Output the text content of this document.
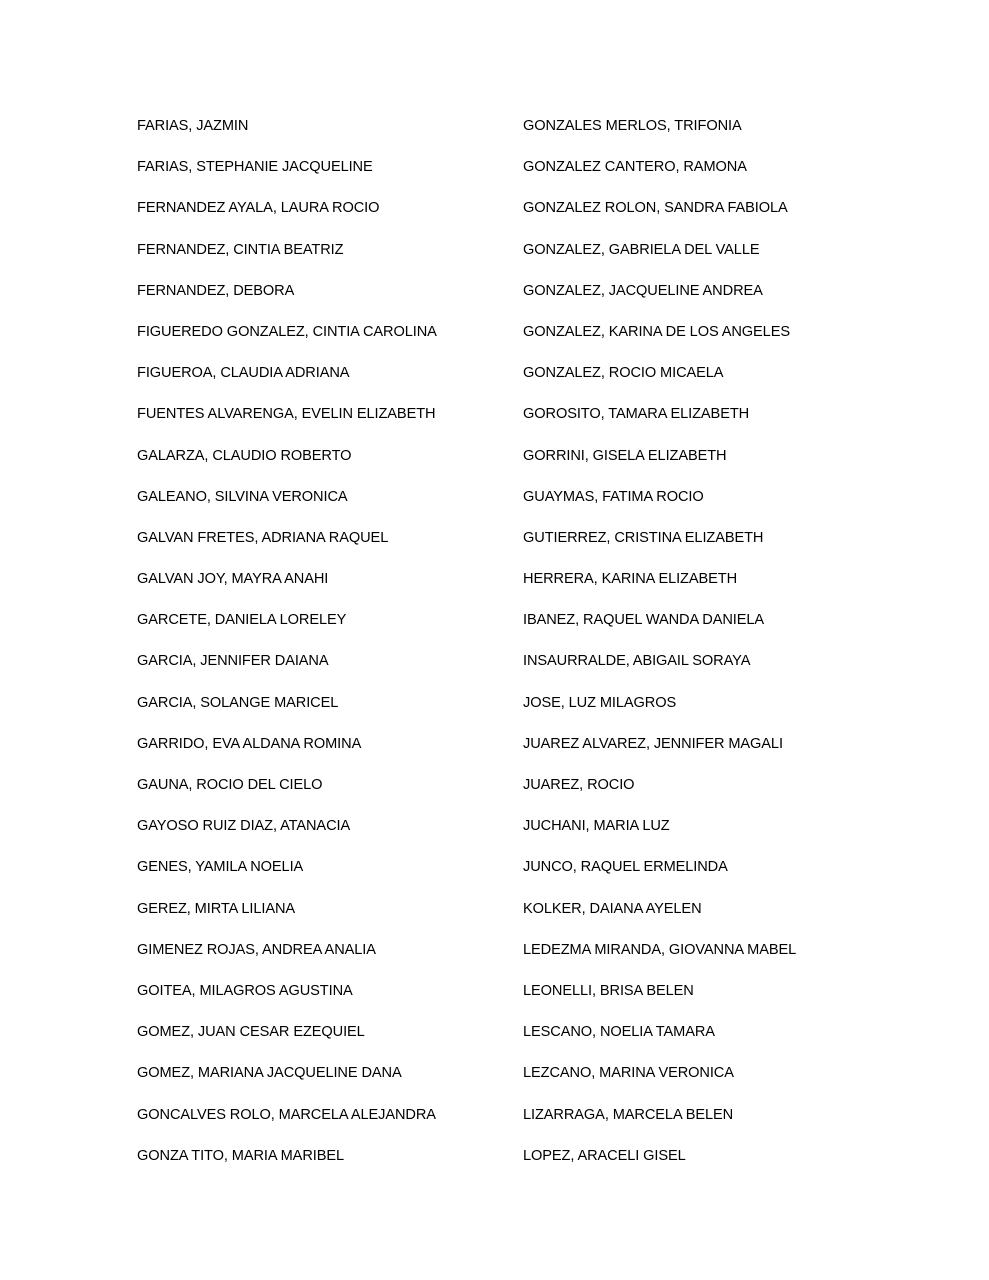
FARIAS, JAZMIN
FARIAS, STEPHANIE JACQUELINE
FERNANDEZ AYALA, LAURA ROCIO
FERNANDEZ, CINTIA BEATRIZ
FERNANDEZ, DEBORA
FIGUEREDO GONZALEZ, CINTIA CAROLINA
FIGUEROA, CLAUDIA ADRIANA
FUENTES ALVARENGA, EVELIN ELIZABETH
GALARZA, CLAUDIO ROBERTO
GALEANO, SILVINA VERONICA
GALVAN FRETES, ADRIANA RAQUEL
GALVAN JOY, MAYRA ANAHI
GARCETE, DANIELA LORELEY
GARCIA, JENNIFER DAIANA
GARCIA, SOLANGE MARICEL
GARRIDO, EVA ALDANA ROMINA
GAUNA, ROCIO DEL CIELO
GAYOSO RUIZ DIAZ, ATANACIA
GENES, YAMILA NOELIA
GEREZ, MIRTA LILIANA
GIMENEZ ROJAS, ANDREA ANALIA
GOITEA, MILAGROS AGUSTINA
GOMEZ, JUAN CESAR EZEQUIEL
GOMEZ, MARIANA JACQUELINE DANA
GONCALVES ROLO, MARCELA ALEJANDRA
GONZA TITO, MARIA MARIBEL
GONZALES MERLOS, TRIFONIA
GONZALEZ CANTERO, RAMONA
GONZALEZ ROLON, SANDRA FABIOLA
GONZALEZ, GABRIELA DEL VALLE
GONZALEZ, JACQUELINE ANDREA
GONZALEZ, KARINA DE LOS ANGELES
GONZALEZ, ROCIO MICAELA
GOROSITO, TAMARA ELIZABETH
GORRINI, GISELA ELIZABETH
GUAYMAS, FATIMA ROCIO
GUTIERREZ, CRISTINA ELIZABETH
HERRERA, KARINA ELIZABETH
IBANEZ, RAQUEL WANDA DANIELA
INSAURRALDE, ABIGAIL SORAYA
JOSE, LUZ MILAGROS
JUAREZ ALVAREZ, JENNIFER MAGALI
JUAREZ, ROCIO
JUCHANI, MARIA LUZ
JUNCO, RAQUEL ERMELINDA
KOLKER, DAIANA AYELEN
LEDEZMA MIRANDA, GIOVANNA MABEL
LEONELLI, BRISA BELEN
LESCANO, NOELIA TAMARA
LEZCANO, MARINA VERONICA
LIZARRAGA, MARCELA BELEN
LOPEZ, ARACELI GISEL
